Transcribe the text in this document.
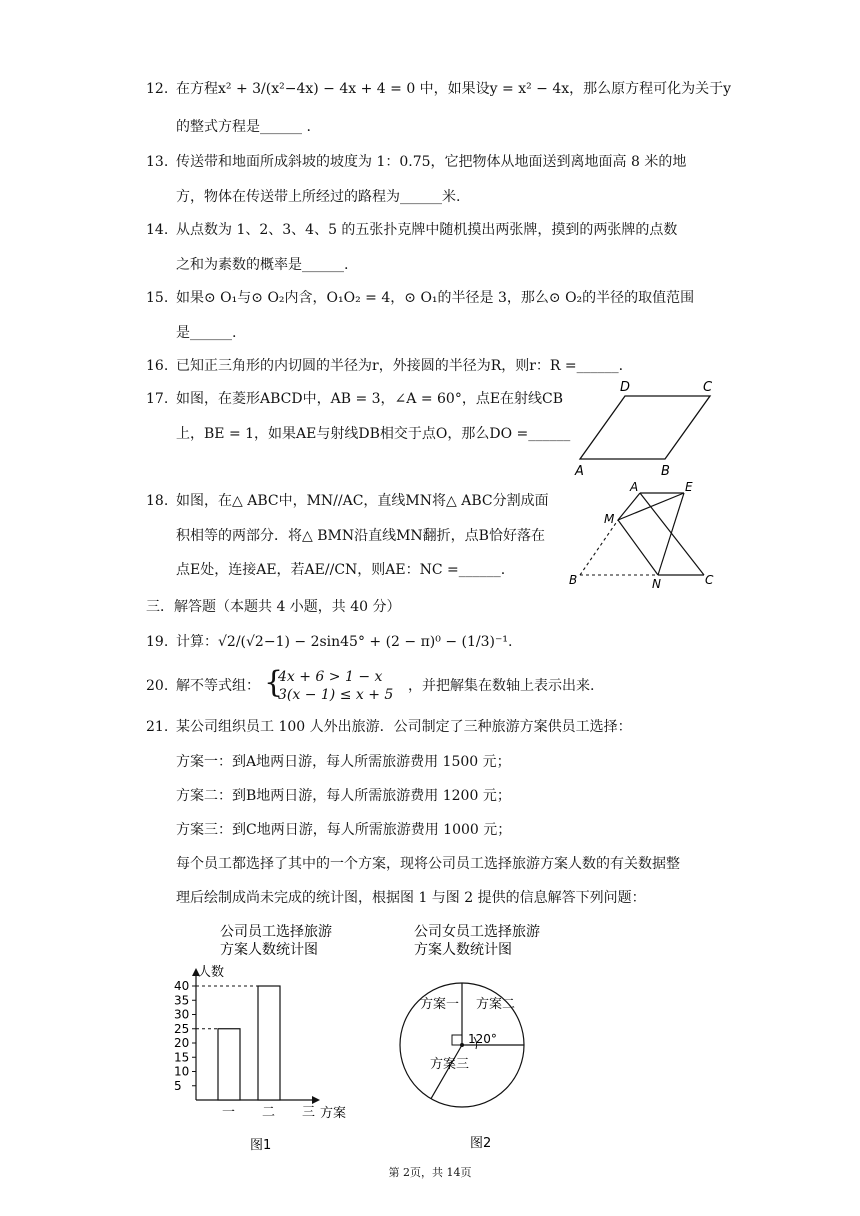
12. 在方程x² + 3/(x²−4x) − 4x + 4 = 0 中，如果设y = x² − 4x，那么原方程可化为关于y
的整式方程是______ .
13. 传送带和地面所成斜坡的坡度为 1：0.75，它把物体从地面送到离地面高 8 米的地
方，物体在传送带上所经过的路程为______米.
14. 从点数为 1、2、3、4、5 的五张扑克牌中随机摸出两张牌，摸到的两张牌的点数
之和为素数的概率是______.
15. 如果⊙ O₁与⊙ O₂内含，O₁O₂ = 4，⊙ O₁的半径是 3，那么⊙ O₂的半径的取值范围
是______.
16. 已知正三角形的内切圆的半径为r，外接圆的半径为R，则r：R =______.
17. 如图，在菱形ABCD中，AB = 3，∠A = 60°，点E在射线CB
上，BE = 1，如果AE与射线DB相交于点O，那么DO =______
A	B
C
D
18. 如图，在△ ABC中，MN//AC，直线MN将△ ABC分割成面
积相等的两部分．将△ BMN沿直线MN翻折，点B恰好落在
点E处，连接AE，若AE//CN，则AE：NC =______.
A	E
M
B	N	C
三．解答题（本题共 4 小题，共 40 分）
19. 计算：√2/(√2−1) − 2sin45° + (2 − π)⁰ − (1/3)⁻¹.
20. 解不等式组： {
4x + 6 > 1 − x
3(x − 1) ≤ x + 5
，并把解集在数轴上表示出来.
21. 某公司组织员工 100 人外出旅游．公司制定了三种旅游方案供员工选择：
方案一：到A地两日游，每人所需旅游费用 1500 元；
方案二：到B地两日游，每人所需旅游费用 1200 元；
方案三：到C地两日游，每人所需旅游费用 1000 元；
每个员工都选择了其中的一个方案，现将公司员工选择旅游方案人数的有关数据整
理后绘制成尚未完成的统计图，根据图 1 与图 2 提供的信息解答下列问题：
公司员工选择旅游
方案人数统计图
人数
方案
图1
5
10
15
20
25
30
35
40
一 二 三
公司女员工选择旅游
方案人数统计图
图2
方案一 方案二
方案三
120°
第 2页，共 14页
